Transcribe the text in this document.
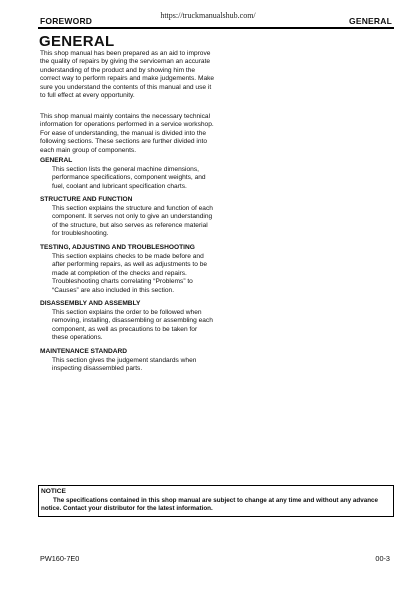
https://truckmanualshub.com/
FOREWORD	GENERAL
GENERAL
This shop manual has been prepared as an aid to improve the quality of repairs by giving the serviceman an accurate understanding of the product and by showing him the correct way to perform repairs and make judgements. Make sure you understand the contents of this manual and use it to full effect at every opportunity.
This shop manual mainly contains the necessary technical information for operations performed in a service workshop. For ease of understanding, the manual is divided into the following sections. These sections are further divided into each main group of components.
GENERAL
This section lists the general machine dimensions, performance specifications, component weights, and fuel, coolant and lubricant specification charts.
STRUCTURE AND FUNCTION
This section explains the structure and function of each component. It serves not only to give an understanding of the structure, but also serves as reference material for troubleshooting.
TESTING, ADJUSTING AND TROUBLESHOOTING
This section explains checks to be made before and after performing repairs, as well as adjustments to be made at completion of the checks and repairs. Troubleshooting charts correlating “Problems” to “Causes” are also included in this section.
DISASSEMBLY AND ASSEMBLY
This section explains the order to be followed when removing, installing, disassembling or assembling each component, as well as precautions to be taken for these operations.
MAINTENANCE STANDARD
This section gives the judgement standards when inspecting disassembled parts.
NOTICE
The specifications contained in this shop manual are subject to change at any time and without any advance notice. Contact your distributor for the latest information.
PW160-7E0	00-3
